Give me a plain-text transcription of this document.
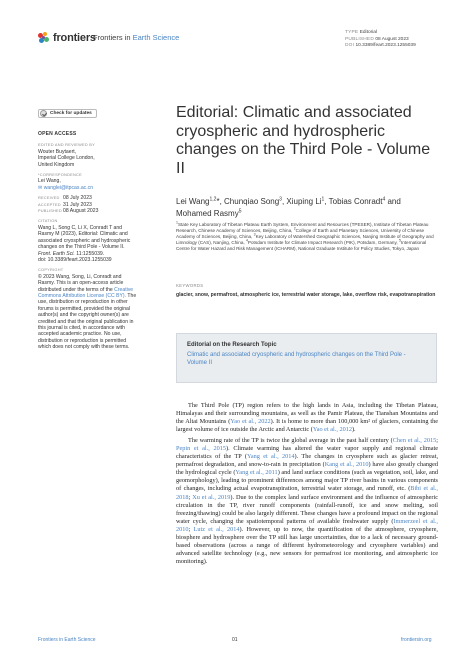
frontiers
Frontiers in Earth Science
TYPE Editorial
PUBLISHED 08 August 2023
DOI 10.3389/feart.2023.1255039
Check for updates
OPEN ACCESS
EDITED AND REVIEWED BY
Wouter Buytaert,
Imperial College London,
United Kingdom
*CORRESPONDENCE
Lei Wang,
✉ wanglei@itpcas.ac.cn
RECEIVED 08 July 2023
ACCEPTED 31 July 2023
PUBLISHED 08 August 2023
CITATION
Wang L, Song C, Li X, Conradt T and Rasmy M (2023), Editorial: Climatic and associated cryospheric and hydrospheric changes on the Third Pole - Volume II. Front. Earth Sci. 11:1255039.
doi: 10.3389/feart.2023.1255039
COPYRIGHT
© 2023 Wang, Song, Li, Conradt and Rasmy. This is an open-access article distributed under the terms of the Creative Commons Attribution License (CC BY). The use, distribution or reproduction in other forums is permitted, provided the original author(s) and the copyright owner(s) are credited and that the original publication in this journal is cited, in accordance with accepted academic practice. No use, distribution or reproduction is permitted which does not comply with these terms.
Editorial: Climatic and associated cryospheric and hydrospheric changes on the Third Pole - Volume II
Lei Wang$^{1,2}$*, Chunqiao Song$^3$, Xiuping Li$^1$, Tobias Conradt$^4$ and Mohamed Rasmy$^5$
$^1$State Key Laboratory of Tibetan Plateau Earth System, Environment and Resources (TPESER), Institute of Tibetan Plateau Research, Chinese Academy of Sciences, Beijing, China, $^2$College of Earth and Planetary Sciences, University of Chinese Academy of Sciences, Beijing, China, $^3$Key Laboratory of Watershed Geographic Sciences, Nanjing Institute of Geography and Limnology (CAS), Nanjing, China, $^4$Potsdam Institute for Climate Impact Research (PIK), Potsdam, Germany, $^5$International Centre for Water Hazard and Risk Management (ICHARM), National Graduate Institute for Policy Studies, Tokyo, Japan
KEYWORDS
glacier, snow, permafrost, atmospheric ice, terrestrial water storage, lake, overflow risk, evapotranspiration
Editorial on the Research Topic
Climatic and associated cryospheric and hydrospheric changes on the Third Pole - Volume II

The Third Pole (TP) region refers to the high lands in Asia, including the Tibetan Plateau, Himalayas and their surrounding mountains, as well as the Pamir Plateau, the Tianshan Mountains and the Altai Mountains (Yao et al., 2022). It is home to more than 100,000 km² of glaciers, containing the largest volume of ice outside the Arctic and Antarctic (Yao et al., 2012).

The warming rate of the TP is twice the global average in the past half century (Chen et al., 2015; Pepin et al., 2015). Climate warming has altered the water vapor supply and regional climate characteristics of the TP (Yang et al., 2014). The changes in cryosphere such as glacier retreat, permafrost degradation, and snow-to-rain in precipitation (Kang et al., 2010) have also greatly changed the hydrological cycle (Yang et al., 2011) and land surface conditions (such as vegetation, soil, lake, and geomorphology), leading to prominent differences among major TP river basins in various components of changes, including actual evapotranspiration, terrestrial water storage, and runoff, etc. (Bibi et al., 2018; Xu et al., 2019). Due to the complex land surface environment and the influence of atmospheric circulation in the TP, river runoff components (rainfall-runoff, ice and snow melting, soil freezing/thawing) could be also largely different. These changes have a profound impact on the regional water cycle, changing the spatiotemporal patterns of available freshwater supply (Immerzeel et al., 2010; Lutz et al., 2014). However, up to now, the quantification of the atmosphere, cryosphere, biosphere and hydrosphere over the TP still has large uncertainties, due to a lack of necessary ground-based observations (across a range of different hydrometeorology and cryosphere variables) and advanced satellite technology (e.g., new sensors for permafrost ice monitoring, and atmospheric ice monitoring).

Frontiers in Earth Science	01	frontiersin.org
